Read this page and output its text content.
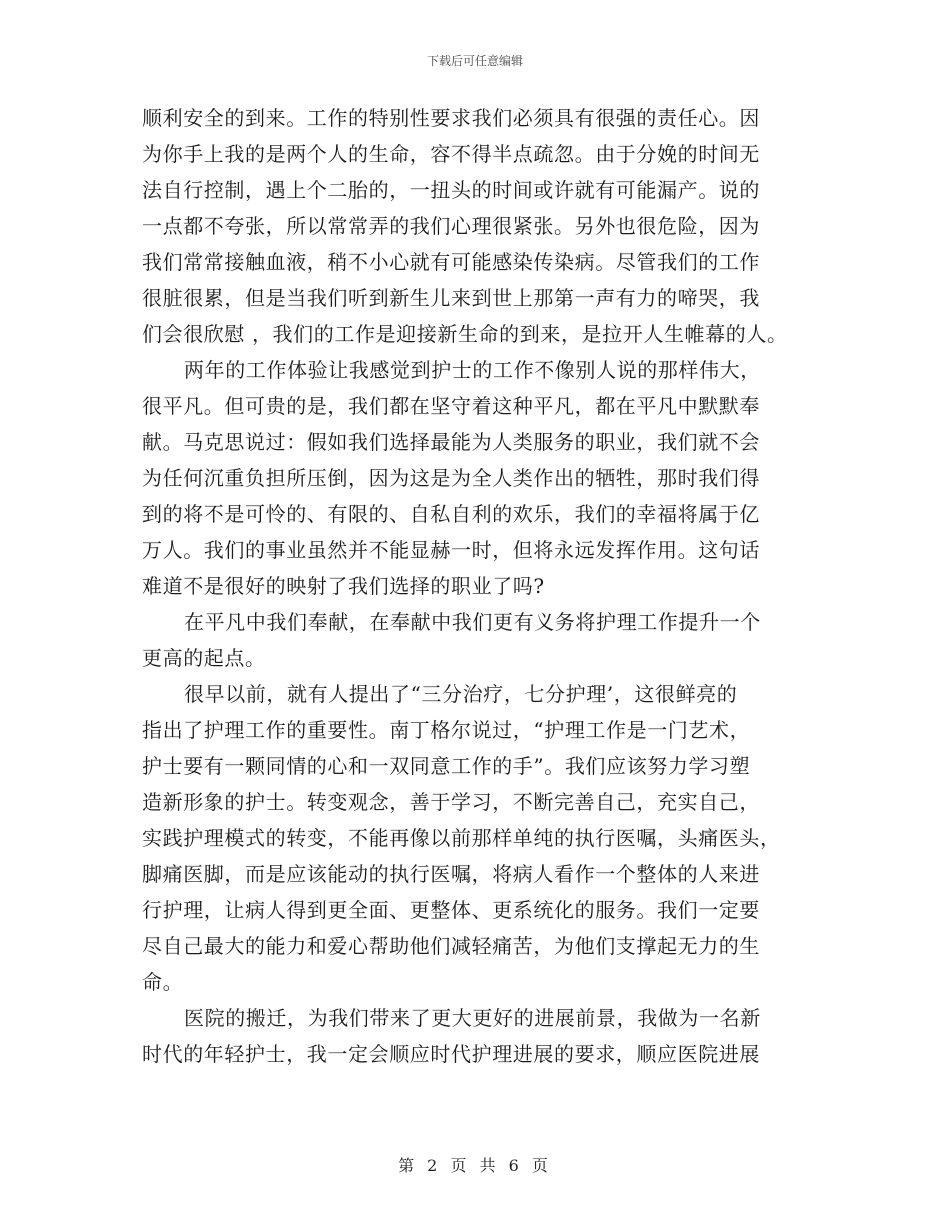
下载后可任意编辑
顺利安全的到来。工作的特别性要求我们必须具有很强的责任心。因
为你手上我的是两个人的生命，容不得半点疏忽。由于分娩的时间无
法自行控制，遇上个二胎的，一扭头的时间或许就有可能漏产。说的
一点都不夸张，所以常常弄的我们心理很紧张。另外也很危险，因为
我们常常接触血液，稍不小心就有可能感染传染病。尽管我们的工作
很脏很累，但是当我们听到新生儿来到世上那第一声有力的啼哭，我
们会很欣慰 ，我们的工作是迎接新生命的到来，是拉开人生帷幕的人。
两年的工作体验让我感觉到护士的工作不像别人说的那样伟大，
很平凡。但可贵的是，我们都在坚守着这种平凡，都在平凡中默默奉
献。马克思说过：假如我们选择最能为人类服务的职业，我们就不会
为任何沉重负担所压倒，因为这是为全人类作出的牺牲，那时我们得
到的将不是可怜的、有限的、自私自利的欢乐，我们的幸福将属于亿
万人。我们的事业虽然并不能显赫一时，但将永远发挥作用。这句话
难道不是很好的映射了我们选择的职业了吗?
在平凡中我们奉献，在奉献中我们更有义务将护理工作提升一个
更高的起点。
很早以前，就有人提出了“三分治疗，七分护理’，这很鲜亮的
指出了护理工作的重要性。南丁格尔说过，“护理工作是一门艺术，
护士要有一颗同情的心和一双同意工作的手”。我们应该努力学习塑
造新形象的护士。转变观念，善于学习，不断完善自己，充实自己，
实践护理模式的转变，不能再像以前那样单纯的执行医嘱，头痛医头，
脚痛医脚，而是应该能动的执行医嘱，将病人看作一个整体的人来进
行护理，让病人得到更全面、更整体、更系统化的服务。我们一定要
尽自己最大的能力和爱心帮助他们减轻痛苦，为他们支撑起无力的生
命。
医院的搬迁，为我们带来了更大更好的进展前景，我做为一名新
时代的年轻护士，我一定会顺应时代护理进展的要求，顺应医院进展
第 2 页 共 6 页
